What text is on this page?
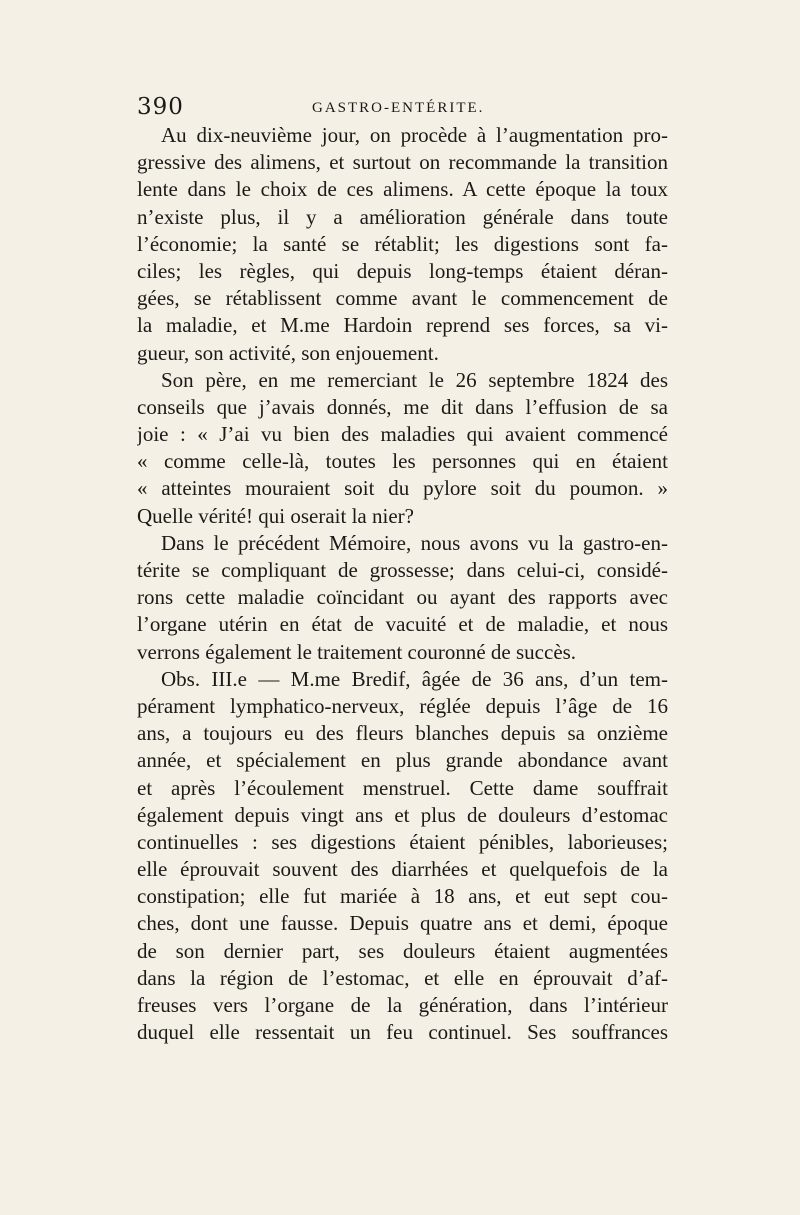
390	GASTRO-ENTÉRITE.
Au dix-neuvième jour, on procède à l’augmentation pro-
gressive des alimens, et surtout on recommande la transition
lente dans le choix de ces alimens. A cette époque la toux
n’existe plus, il y a amélioration générale dans toute
l’économie; la santé se rétablit; les digestions sont fa-
ciles; les règles, qui depuis long-temps étaient déran-
gées, se rétablissent comme avant le commencement de
la maladie, et M.me Hardoin reprend ses forces, sa vi-
gueur, son activité, son enjouement.
Son père, en me remerciant le 26 septembre 1824 des
conseils que j’avais donnés, me dit dans l’effusion de sa
joie : « J’ai vu bien des maladies qui avaient commencé
« comme celle-là, toutes les personnes qui en étaient
« atteintes mouraient soit du pylore soit du poumon. »
Quelle vérité! qui oserait la nier?
Dans le précédent Mémoire, nous avons vu la gastro-en-
térite se compliquant de grossesse; dans celui-ci, considé-
rons cette maladie coïncidant ou ayant des rapports avec
l’organe utérin en état de vacuité et de maladie, et nous
verrons également le traitement couronné de succès.
Obs. III.e — M.me Bredif, âgée de 36 ans, d’un tem-
pérament lymphatico-nerveux, réglée depuis l’âge de 16
ans, a toujours eu des fleurs blanches depuis sa onzième
année, et spécialement en plus grande abondance avant
et après l’écoulement menstruel. Cette dame souffrait
également depuis vingt ans et plus de douleurs d’estomac
continuelles : ses digestions étaient pénibles, laborieuses;
elle éprouvait souvent des diarrhées et quelquefois de la
constipation; elle fut mariée à 18 ans, et eut sept cou-
ches, dont une fausse. Depuis quatre ans et demi, époque
de son dernier part, ses douleurs étaient augmentées
dans la région de l’estomac, et elle en éprouvait d’af-
freuses vers l’organe de la génération, dans l’intérieur
duquel elle ressentait un feu continuel. Ses souffrances
